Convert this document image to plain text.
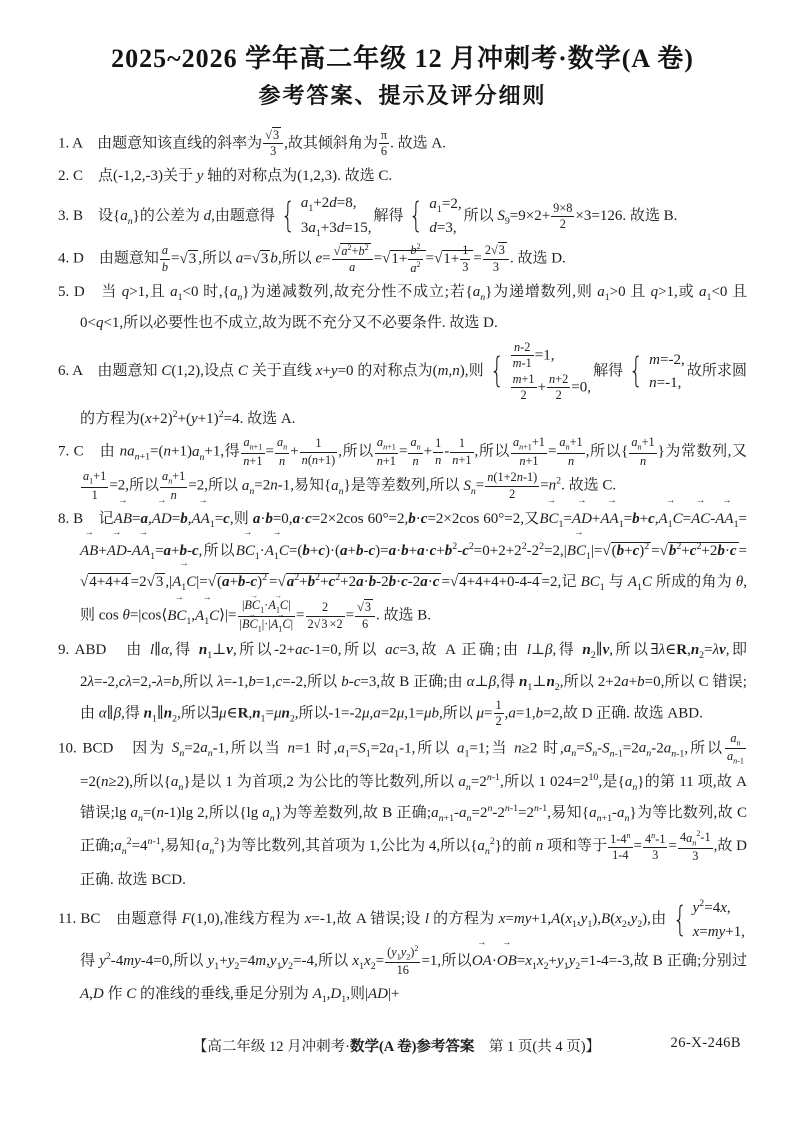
2025~2026 学年高二年级 12 月冲刺考·数学(A 卷)
参考答案、提示及评分细则
1. A　由题意知该直线的斜率为 $\frac{√3}{3}$ ,故其倾斜角为 $\frac{\pi}{6}$ . 故选 A.
2. C　点(-1,2,-3)关于 y 轴的对称点为(1,2,3). 故选 C.
3. B　设$\{a_n\}$的公差为 d,由题意得
{ $a_1+2d=8$,
$3a_1+3d=15$,
解得
{ $a_1=2$,
d=3,
所以 $S_9=9\times 2+ \frac{9\times 8}{2} \times 3=126$. 故选 B.
4. D　由题意知 $\frac{a}{b} =√3$ ,所以 a=√3 b,所以 $e= \frac{√a^2+b^2}{a} =√1+ \frac{b^2}{a^2} =√1+ \frac{1}{3} = \frac{2√3}{3}$ . 故选 D.
5. D　当 q>1,且 $a_1<0$ 时$,\{a_n\}$为递减数列,故充分性不成立;若$\{a_n\}$为递增数列,则 $a_1>0$ 且 q>1,或 $a_1<0$ 且 0<q<1,所以必要性也不成立,故为既不充分又不必要条件. 故选 D.
6. A　由题意知 C(1,2),设点 C 关于直线 x+y=0 的对称点为(m,n),则 { $\frac{n-2}{m-1} =1$,
$\frac{m+1}{2} + \frac{n+2}{2} =0$,
解得
{ m=-2,
n=-1,
故所求圆的方程为$(x+2)^2+(y+1)^2=4$. 故选 A.
7. C　由 $na_{n+1}=(n+1)a_n+1$,得 $\frac{a_{n+1}}{n+1} = \frac{a_n}{n} + \frac{1}{n(n+1)}$ ,所以 $\frac{a_{n+1}}{n+1} = \frac{a_n}{n} + \frac{1}{n} - \frac{1}{n+1}$ ,所以 $\frac{a_{n+1}+1}{n+1} = \frac{a_n+1}{n}$ ,所以{ $\frac{a_n+1}{n}$ }为常数列,又
$\frac{a_1+1}{1} =2$,所以 $\frac{a_n+1}{n} =2$,所以 $a_n=2n-1$,易知$\{a_n\}$是等差数列,所以 $S_n= \frac{n(1+2n-1)}{2} =n^2$. 故选 C.
8. B　记AB $\to=a,AD \to=b,AA_1 \to=c$,则 a·b=0,a·c=2×2cos 60°=2,b·c=2×2cos 60°=2,又$BC_1 \to=AD \to+AA_1 \to=b+c,A_1C \to=AC \to-AA_1 \to=AB \to+AD \to-AA_1 \to=a+b-c$,所以$BC_1 \to\cdot A_1C \to=(b+c)\cdot(a+b-c)=a\cdot b+a\cdot c+b^2-c^2=0+2+2^2-2^2=2,|BC_1 \to|=√(b+c)^2 =√b^2+c^2+2b\cdot c =√4+4+4 =2√3$ $,|A_1C \to|=√(a+b-c)^2 =√a^2+b^2+c^2+2a\cdot b-2b\cdot c-2a\cdot c =√4+4+4+0-4-4 =2$,记 $BC_1$ 与 $A_1C$ 所成的角为 θ,则 $\cos \theta=|\cos⟨BC_1 \to,A_1C$ →⟩|= $\frac{|BC_1 \to\cdot A_1C \to|}{|BC_1 \to|\cdot|A_1C \to|} = \frac{2}{2√3 \times 2} = \frac{√3}{6}$ . 故选 B.
9. ABD　由 l∥α,得 $n_1\perp v$,所以-2+ac-1=0,所以 ac=3,故 A 正确;由 l⊥β,得 $n_2\parallel v$,所以$\exists\lambda\in R,n_2=\lambda v$,即 2λ=-2,cλ=2,-λ=b,所以 λ=-1,b=1,c=-2,所以 b-c=3,故 B 正确;由 α⊥β,得 $n_1\perp n_2$,所以 2+2a+b=0,所以 C 错误;由 α∥β,得 $n_1\parallel n_2$,所以$\exists\mu\in R,n_1=\mu n_2$,所以-1=-2μ,a=2μ,1=μb,所以 $\mu= \frac{1}{2} ,a=1,b=2$,故 D 正确. 故选 ABD.
10. BCD　因为 $S_n=2a_n-1$,所以当 n=1 时$,a_1=S_1=2a_1-1$,所以 $a_1=1$;当 n≥2 时$,a_n=S_n-S_{n-1}=2a_n-2a_{n-1}$,所以 $\frac{a_n}{a_{n-1}}$
=2(n≥2),所以$\{a_n\}$是以 1 为首项,2 为公比的等比数列,所以 $a_n=2^{n-1}$,所以 1 $024=2^{10}$,是$\{a_n\}$的第 11 项,故 A 错误;lg $a_n=(n-1)\lg$ 2,所以{lg $a_n$}为等差数列,故 B 正确$;a_{n+1}-a_n=2^n-2^{n-1}=2^{n-1}$,易知$\{a_{n+1}-a_n\}$为等比数列,故 C 正确$;a_n^2=4^{n-1}$,易知$\{a_n^2\}$为等比数列,其首项为 1,公比为 4,所以$\{a_n^2\}$的前 n 项和等于 $\frac{1-4^n}{1-4} = \frac{4^n-1}{3} = \frac{4a_n^2-1}{3}$ ,故 D 正确. 故选 BCD.
11. BC　由题意得 F(1,0),准线方程为 x=-1,故 A 错误;设 l 的方程为 $x=my+1,A(x_1,y_1),B(x_2,y_2)$,由
{ $y^2=4x$,
x=my+1,
得 $y^2-4my-4=0$,所以 $y_1+y_2=4m,y_1y_2=-4$,所以 $x_1x_2= \frac{(y_1y_2)^2}{16} =1$,所以OA $\to\cdot OB \to=x_1x_2+y_1y_2=1-4=-3$,故 B 正确;分别过 A,D 作 C 的准线的垂线,垂足分别为 $A_1,D_1$,则|AD|+
【高二年级 12 月冲刺考·数学(A 卷)参考答案　第 1 页(共 4 页)】	26-X-246B
